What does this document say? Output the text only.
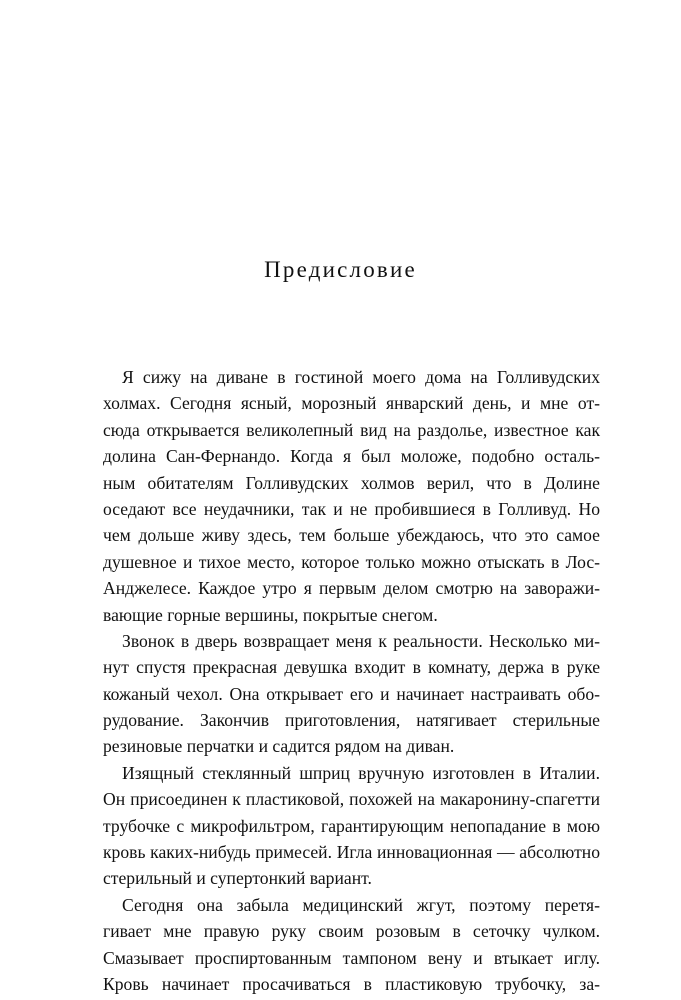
Предисловие

Я сижу на диване в гостиной моего дома на Голливудских
холмах. Сегодня ясный, морозный январский день, и мне от-
сюда открывается великолепный вид на раздолье, известное как
долина Сан-Фернандо. Когда я был моложе, подобно осталь-
ным обитателям Голливудских холмов верил, что в Долине
оседают все неудачники, так и не пробившиеся в Голливуд. Но
чем дольше живу здесь, тем больше убеждаюсь, что это самое
душевное и тихое место, которое только можно отыскать в Лос-
Анджелесе. Каждое утро я первым делом смотрю на заворажи-
вающие горные вершины, покрытые снегом.

Звонок в дверь возвращает меня к реальности. Несколько ми-
нут спустя прекрасная девушка входит в комнату, держа в руке
кожаный чехол. Она открывает его и начинает настраивать обо-
рудование. Закончив приготовления, натягивает стерильные
резиновые перчатки и садится рядом на диван.

Изящный стеклянный шприц вручную изготовлен в Италии.
Он присоединен к пластиковой, похожей на макаронину-спагетти
трубочке с микрофильтром, гарантирующим непопадание в мою
кровь каких-нибудь примесей. Игла инновационная — абсолютно
стерильный и супертонкий вариант.

Сегодня она забыла медицинский жгут, поэтому перетя-
гивает мне правую руку своим розовым в сеточку чулком.
Смазывает проспиртованным тампоном вену и втыкает иглу.
Кровь начинает просачиваться в пластиковую трубочку, за-
